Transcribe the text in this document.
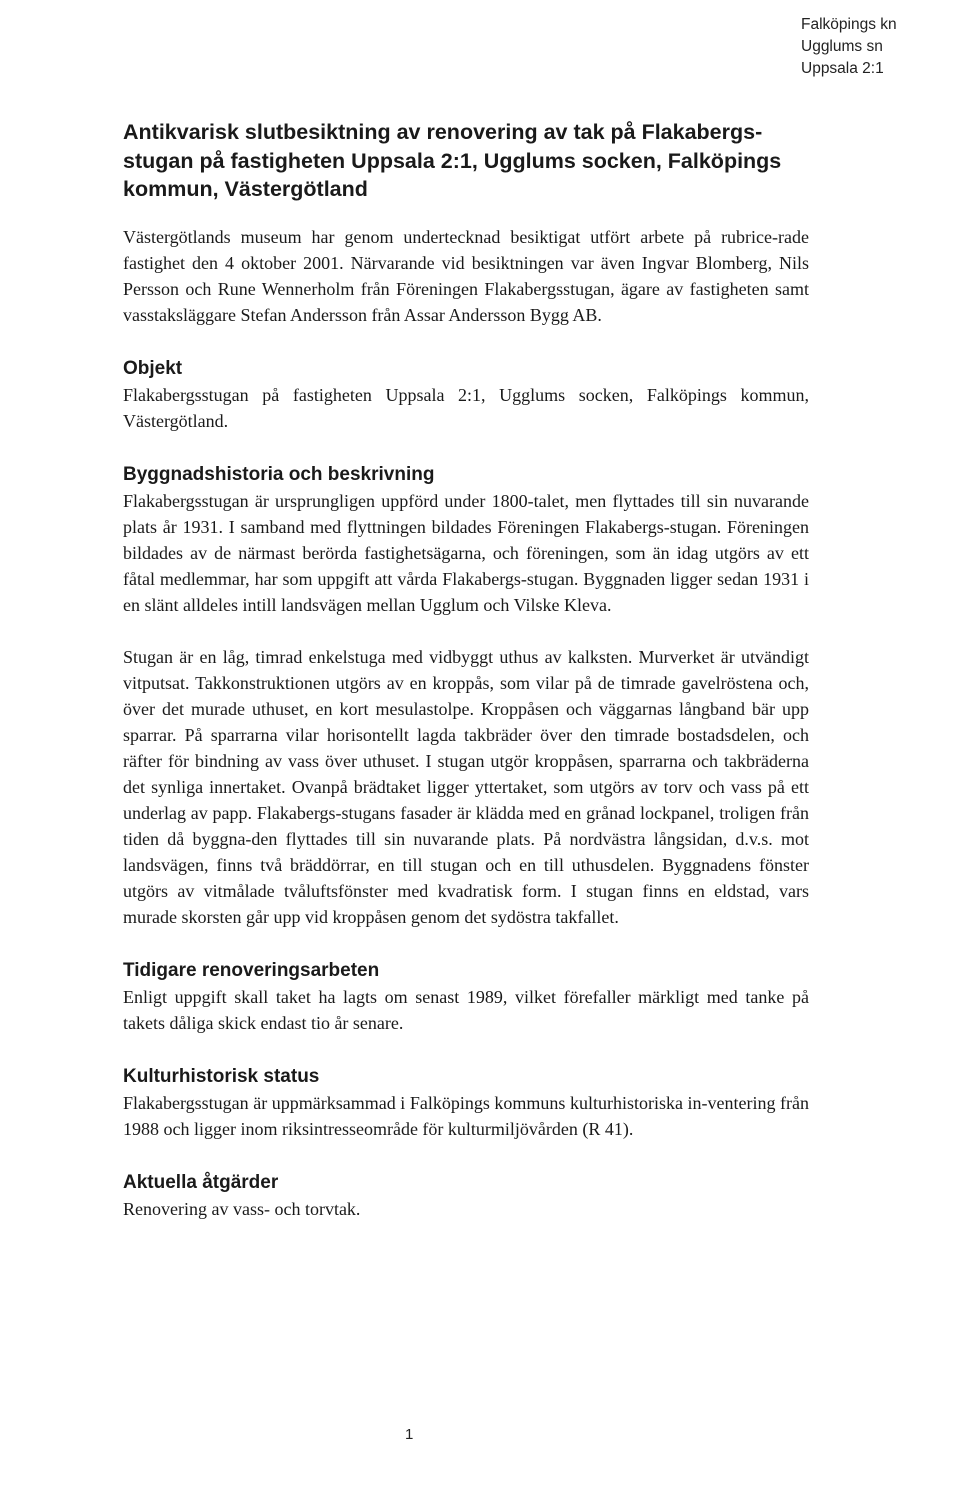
Falköpings kn
Ugglums sn
Uppsala 2:1
Antikvarisk slutbesiktning av renovering av tak på Flakabergs-stugan på fastigheten Uppsala 2:1, Ugglums socken, Falköpings kommun, Västergötland

Västergötlands museum har genom undertecknad besiktigat utfört arbete på rubrice-rade fastighet den 4 oktober 2001. Närvarande vid besiktningen var även Ingvar Blomberg, Nils Persson och Rune Wennerholm från Föreningen Flakabergsstugan, ägare av fastigheten samt vasstaksläggare Stefan Andersson från Assar Andersson Bygg AB.

Objekt

Flakabergsstugan på fastigheten Uppsala 2:1, Ugglums socken, Falköpings kommun, Västergötland.

Byggnadshistoria och beskrivning

Flakabergsstugan är ursprungligen uppförd under 1800-talet, men flyttades till sin nuvarande plats år 1931. I samband med flyttningen bildades Föreningen Flakabergs-stugan. Föreningen bildades av de närmast berörda fastighetsägarna, och föreningen, som än idag utgörs av ett fåtal medlemmar, har som uppgift att vårda Flakabergs-stugan. Byggnaden ligger sedan 1931 i en slänt alldeles intill landsvägen mellan Ugglum och Vilske Kleva.

Stugan är en låg, timrad enkelstuga med vidbyggt uthus av kalksten. Murverket är utvändigt vitputsat. Takkonstruktionen utgörs av en kroppås, som vilar på de timrade gavelröstena och, över det murade uthuset, en kort mesulastolpe. Kroppåsen och väggarnas långband bär upp sparrar. På sparrarna vilar horisontellt lagda takbräder över den timrade bostadsdelen, och räfter för bindning av vass över uthuset. I stugan utgör kroppåsen, sparrarna och takbräderna det synliga innertaket. Ovanpå brädtaket ligger yttertaket, som utgörs av torv och vass på ett underlag av papp. Flakabergs-stugans fasader är klädda med en grånad lockpanel, troligen från tiden då byggna-den flyttades till sin nuvarande plats. På nordvästra långsidan, d.v.s. mot landsvägen, finns två bräddörrar, en till stugan och en till uthusdelen. Byggnadens fönster utgörs av vitmålade tvåluftsfönster med kvadratisk form. I stugan finns en eldstad, vars murade skorsten går upp vid kroppåsen genom det sydöstra takfallet.

Tidigare renoveringsarbeten

Enligt uppgift skall taket ha lagts om senast 1989, vilket förefaller märkligt med tanke på takets dåliga skick endast tio år senare.

Kulturhistorisk status

Flakabergsstugan är uppmärksammad i Falköpings kommuns kulturhistoriska in-ventering från 1988 och ligger inom riksintresseområde för kulturmiljövården (R 41).

Aktuella åtgärder

Renovering av vass- och torvtak.

1
